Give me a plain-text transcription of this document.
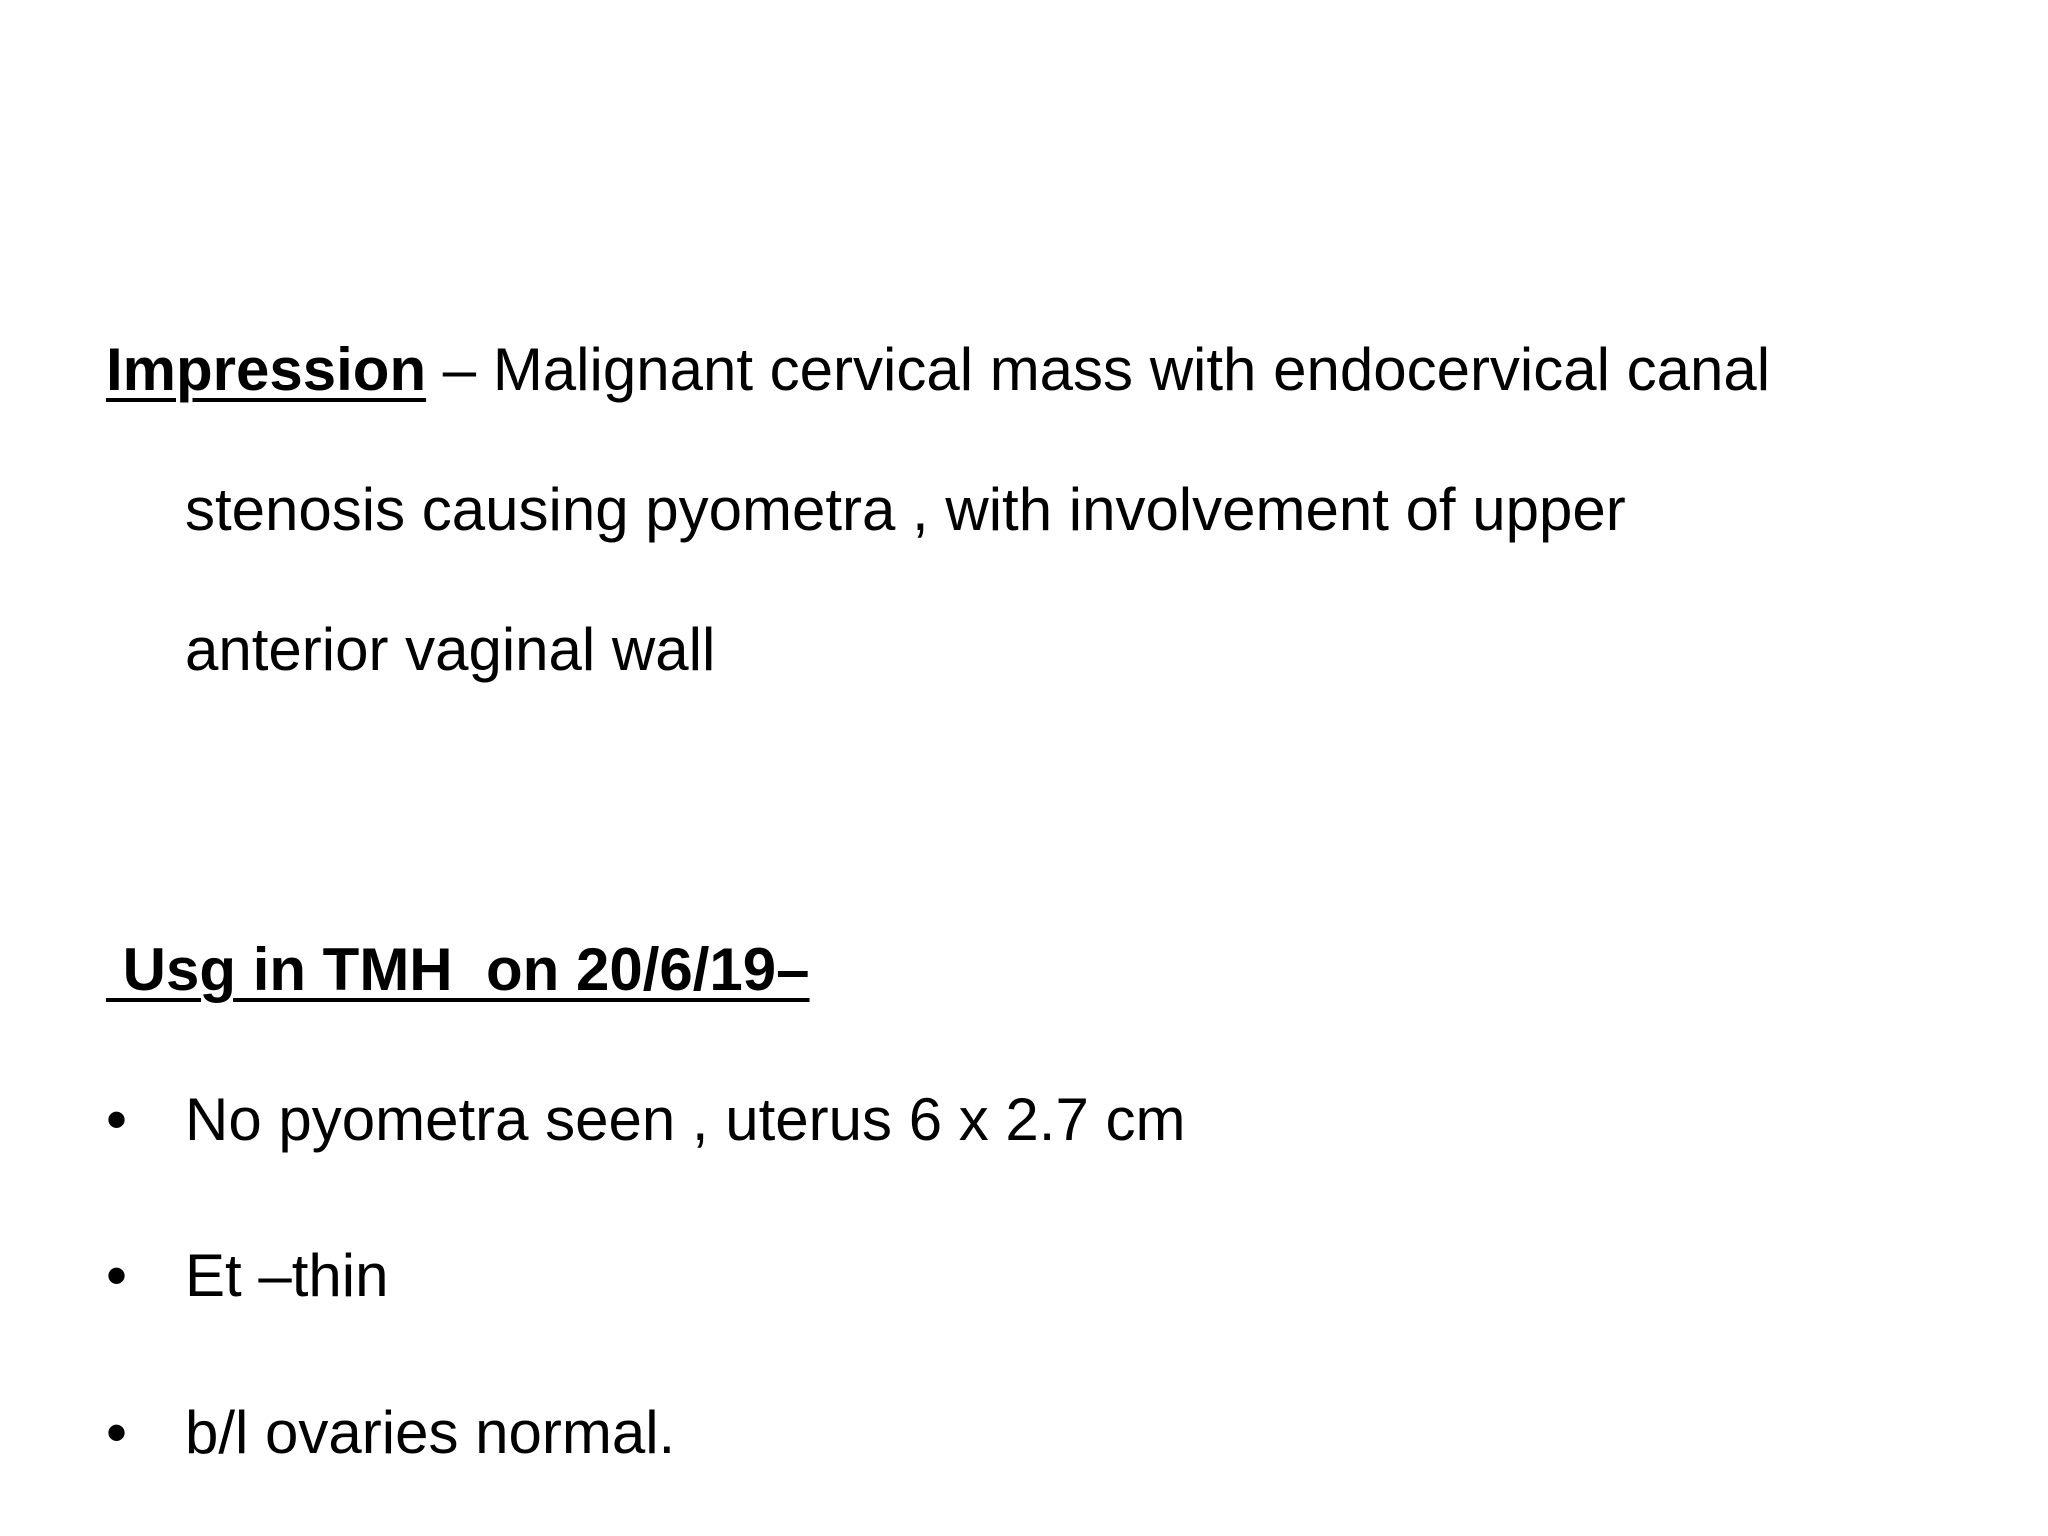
Impression – Malignant cervical mass with endocervical canal
stenosis causing pyometra , with involvement of upper
anterior vaginal wall
Usg in TMH  on 20/6/19–
• No pyometra seen , uterus 6 x 2.7 cm
• Et –thin
• b/l ovaries normal.
